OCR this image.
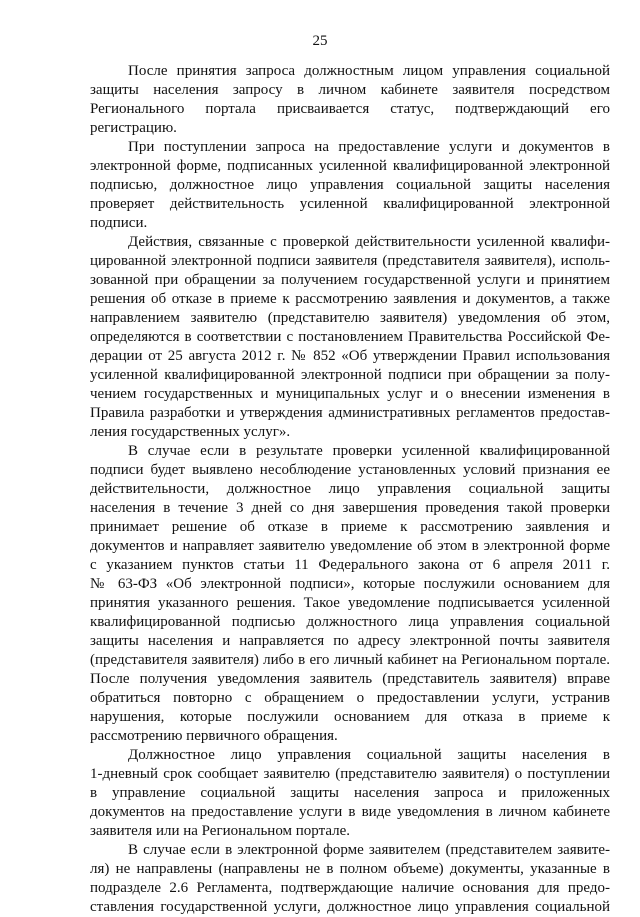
25

После принятия запроса должностным лицом управления социальной
защиты населения запросу в личном кабинете заявителя посредством
Регионального портала присваивается статус, подтверждающий его
регистрацию.

При поступлении запроса на предоставление услуги и документов в
электронной форме, подписанных усиленной квалифицированной электронной
подписью, должностное лицо управления социальной защиты населения
проверяет действительность усиленной квалифицированной электронной
подписи.

Действия, связанные с проверкой действительности усиленной квалифи-
цированной электронной подписи заявителя (представителя заявителя), исполь-
зованной при обращении за получением государственной услуги и принятием
решения об отказе в приеме к рассмотрению заявления и документов, а также
направлением заявителю (представителю заявителя) уведомления об этом,
определяются в соответствии с постановлением Правительства Российской Фе-
дерации от 25 августа 2012 г. № 852 «Об утверждении Правил использования
усиленной квалифицированной электронной подписи при обращении за полу-
чением государственных и муниципальных услуг и о внесении изменения в
Правила разработки и утверждения административных регламентов предостав-
ления государственных услуг».

В случае если в результате проверки усиленной квалифицированной
подписи будет выявлено несоблюдение установленных условий признания ее
действительности, должностное лицо управления социальной защиты
населения в течение 3 дней со дня завершения проведения такой проверки
принимает решение об отказе в приеме к рассмотрению заявления и
документов и направляет заявителю уведомление об этом в электронной форме
с указанием пунктов статьи 11 Федерального закона от 6 апреля 2011 г.
№ 63-ФЗ «Об электронной подписи», которые послужили основанием для
принятия указанного решения. Такое уведомление подписывается усиленной
квалифицированной подписью должностного лица управления социальной
защиты населения и направляется по адресу электронной почты заявителя
(представителя заявителя) либо в его личный кабинет на Региональном портале.
После получения уведомления заявитель (представитель заявителя) вправе
обратиться повторно с обращением о предоставлении услуги, устранив
нарушения, которые послужили основанием для отказа в приеме к
рассмотрению первичного обращения.

Должностное лицо управления социальной защиты населения в
1-дневный срок сообщает заявителю (представителю заявителя) о поступлении
в управление социальной защиты населения запроса и приложенных
документов на предоставление услуги в виде уведомления в личном кабинете
заявителя или на Региональном портале.

В случае если в электронной форме заявителем (представителем заявите-
ля) не направлены (направлены не в полном объеме) документы, указанные в
подразделе 2.6 Регламента, подтверждающие наличие основания для предо-
ставления государственной услуги, должностное лицо управления социальной
